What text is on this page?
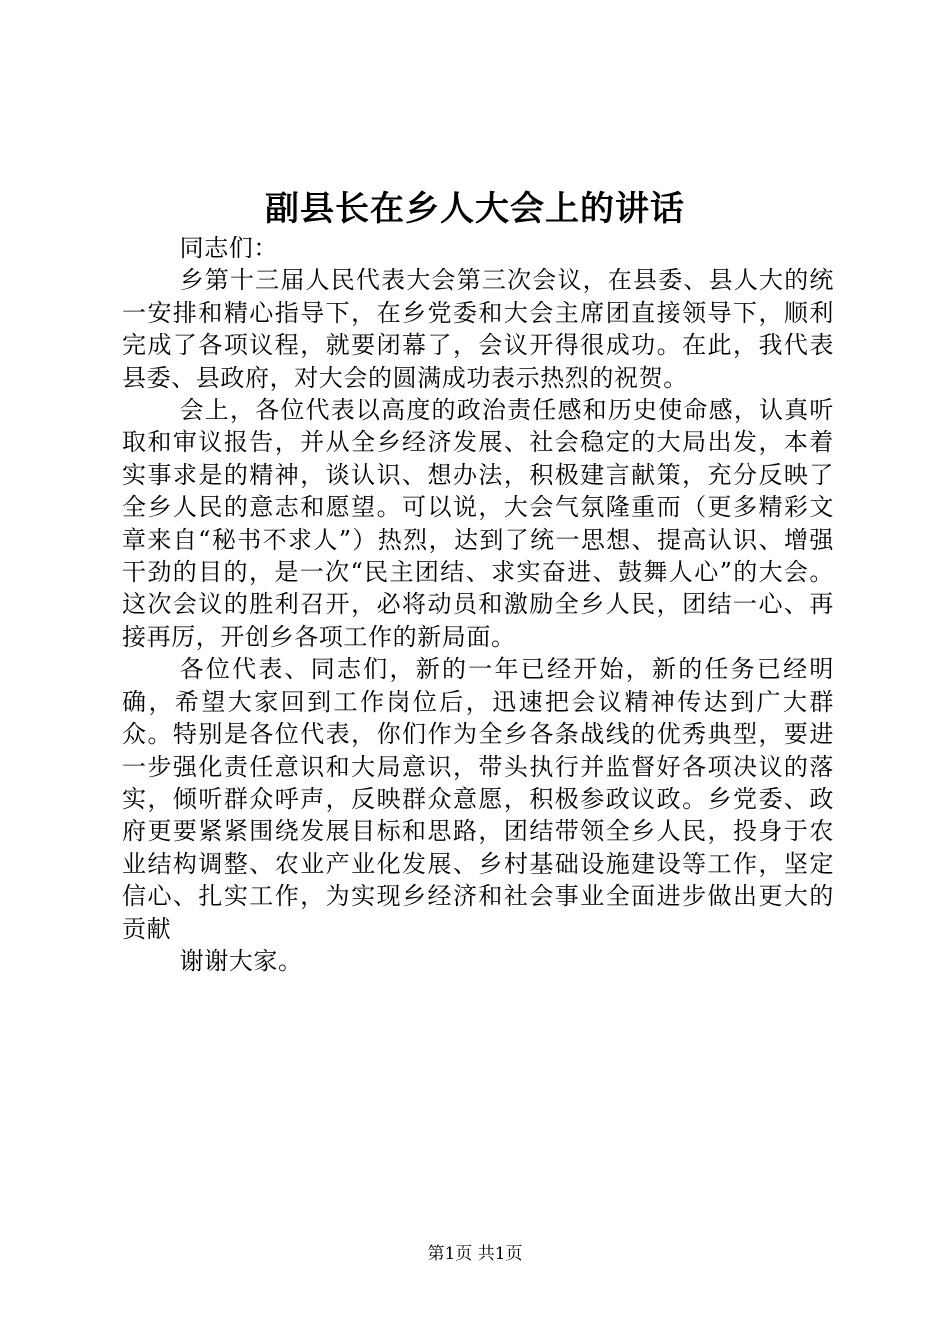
副县长在乡人大会上的讲话

同志们：

乡第十三届人民代表大会第三次会议，在县委、县人大的统一安排和精心指导下，在乡党委和大会主席团直接领导下，顺利完成了各项议程，就要闭幕了，会议开得很成功。在此，我代表县委、县政府，对大会的圆满成功表示热烈的祝贺。

会上，各位代表以高度的政治责任感和历史使命感，认真听取和审议报告，并从全乡经济发展、社会稳定的大局出发，本着实事求是的精神，谈认识、想办法，积极建言献策，充分反映了全乡人民的意志和愿望。可以说，大会气氛隆重而（更多精彩文章来自“秘书不求人”）热烈，达到了统一思想、提高认识、增强干劲的目的，是一次“民主团结、求实奋进、鼓舞人心”的大会。这次会议的胜利召开，必将动员和激励全乡人民，团结一心、再接再厉，开创乡各项工作的新局面。

各位代表、同志们，新的一年已经开始，新的任务已经明确，希望大家回到工作岗位后，迅速把会议精神传达到广大群众。特别是各位代表，你们作为全乡各条战线的优秀典型，要进一步强化责任意识和大局意识，带头执行并监督好各项决议的落实，倾听群众呼声，反映群众意愿，积极参政议政。乡党委、政府更要紧紧围绕发展目标和思路，团结带领全乡人民，投身于农业结构调整、农业产业化发展、乡村基础设施建设等工作，坚定信心、扎实工作，为实现乡经济和社会事业全面进步做出更大的贡献

谢谢大家。

第1页 共1页
